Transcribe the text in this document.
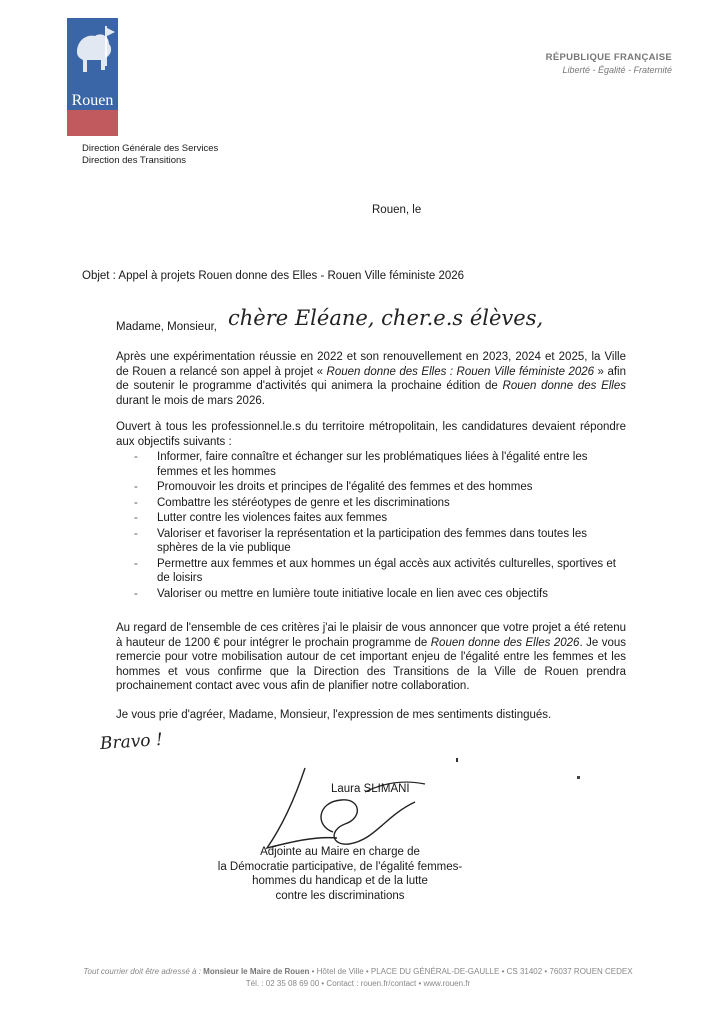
Rouen
RÉPUBLIQUE FRANÇAISE
Liberté - Égalité - Fraternité
Direction Générale des Services
Direction des Transitions
Rouen, le
Objet : Appel à projets Rouen donne des Elles - Rouen Ville féministe 2026
Madame, Monsieur, chère Eléane, cher.e.s élèves,
Après une expérimentation réussie en 2022 et son renouvellement en 2023, 2024 et 2025, la Ville de Rouen a relancé son appel à projet « Rouen donne des Elles : Rouen Ville féministe 2026 » afin de soutenir le programme d'activités qui animera la prochaine édition de Rouen donne des Elles durant le mois de mars 2026.
Ouvert à tous les professionnel.le.s du territoire métropolitain, les candidatures devaient répondre aux objectifs suivants :
- Informer, faire connaître et échanger sur les problématiques liées à l'égalité entre les femmes et les hommes
- Promouvoir les droits et principes de l'égalité des femmes et des hommes
- Combattre les stéréotypes de genre et les discriminations
- Lutter contre les violences faites aux femmes
- Valoriser et favoriser la représentation et la participation des femmes dans toutes les sphères de la vie publique
- Permettre aux femmes et aux hommes un égal accès aux activités culturelles, sportives et de loisirs
- Valoriser ou mettre en lumière toute initiative locale en lien avec ces objectifs
Au regard de l'ensemble de ces critères j'ai le plaisir de vous annoncer que votre projet a été retenu à hauteur de 1200 € pour intégrer le prochain programme de Rouen donne des Elles 2026. Je vous remercie pour votre mobilisation autour de cet important enjeu de l'égalité entre les femmes et les hommes et vous confirme que la Direction des Transitions de la Ville de Rouen prendra prochainement contact avec vous afin de planifier notre collaboration.
Je vous prie d'agréer, Madame, Monsieur, l'expression de mes sentiments distingués.
Bravo !
Laura SLIMANI
Adjointe au Maire en charge de
la Démocratie participative, de l'égalité femmes-
hommes du handicap et de la lutte
contre les discriminations
Tout courrier doit être adressé à : Monsieur le Maire de Rouen • Hôtel de Ville • PLACE DU GÉNÉRAL-DE-GAULLE • CS 31402 • 76037 ROUEN CEDEX
Tél. : 02 35 08 69 00 • Contact : rouen.fr/contact • www.rouen.fr
